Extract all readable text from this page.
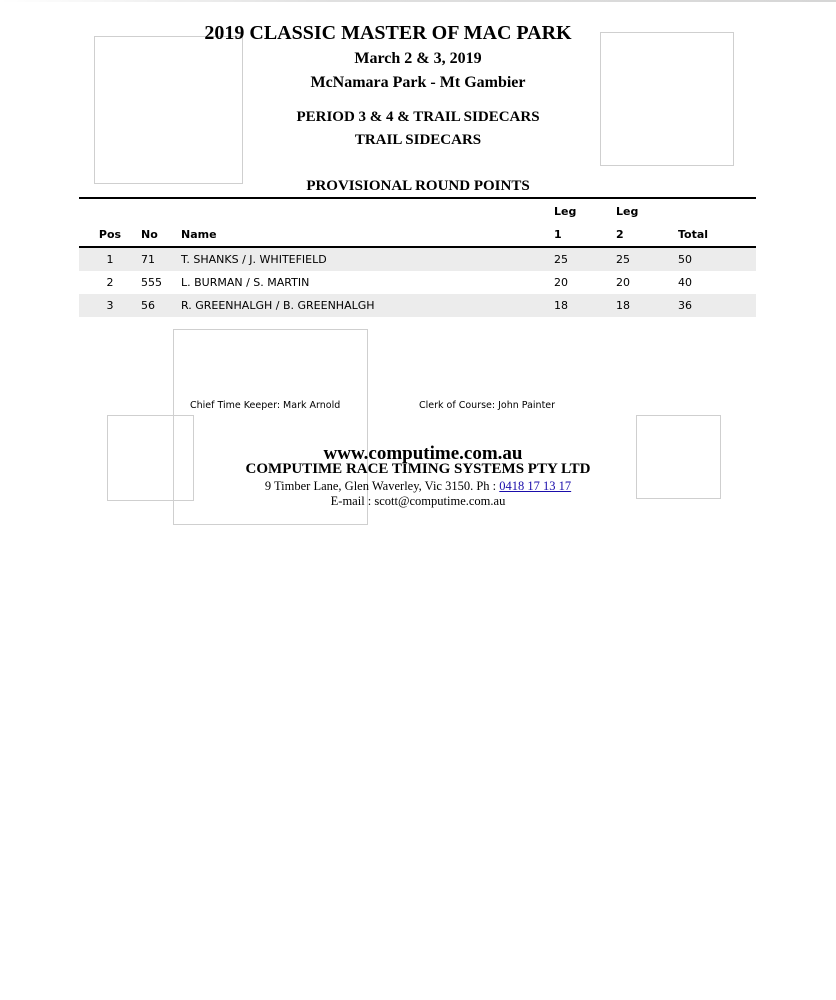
2019 CLASSIC MASTER OF MAC PARK
March 2 & 3, 2019
McNamara Park - Mt Gambier
PERIOD 3 & 4 & TRAIL SIDECARS
TRAIL SIDECARS
PROVISIONAL ROUND POINTS
			Leg	Leg	
Pos	No	Name	1	2	Total
1	71	T. SHANKS / J. WHITEFIELD	25	25	50
2	555	L. BURMAN / S. MARTIN	20	20	40
3	56	R. GREENHALGH / B. GREENHALGH	18	18	36
Chief Time Keeper: Mark Arnold	Clerk of Course: John Painter
www.computime.com.au
COMPUTIME RACE TIMING SYSTEMS PTY LTD
9 Timber Lane, Glen Waverley, Vic 3150. Ph : 0418 17 13 17
E-mail : scott@computime.com.au
